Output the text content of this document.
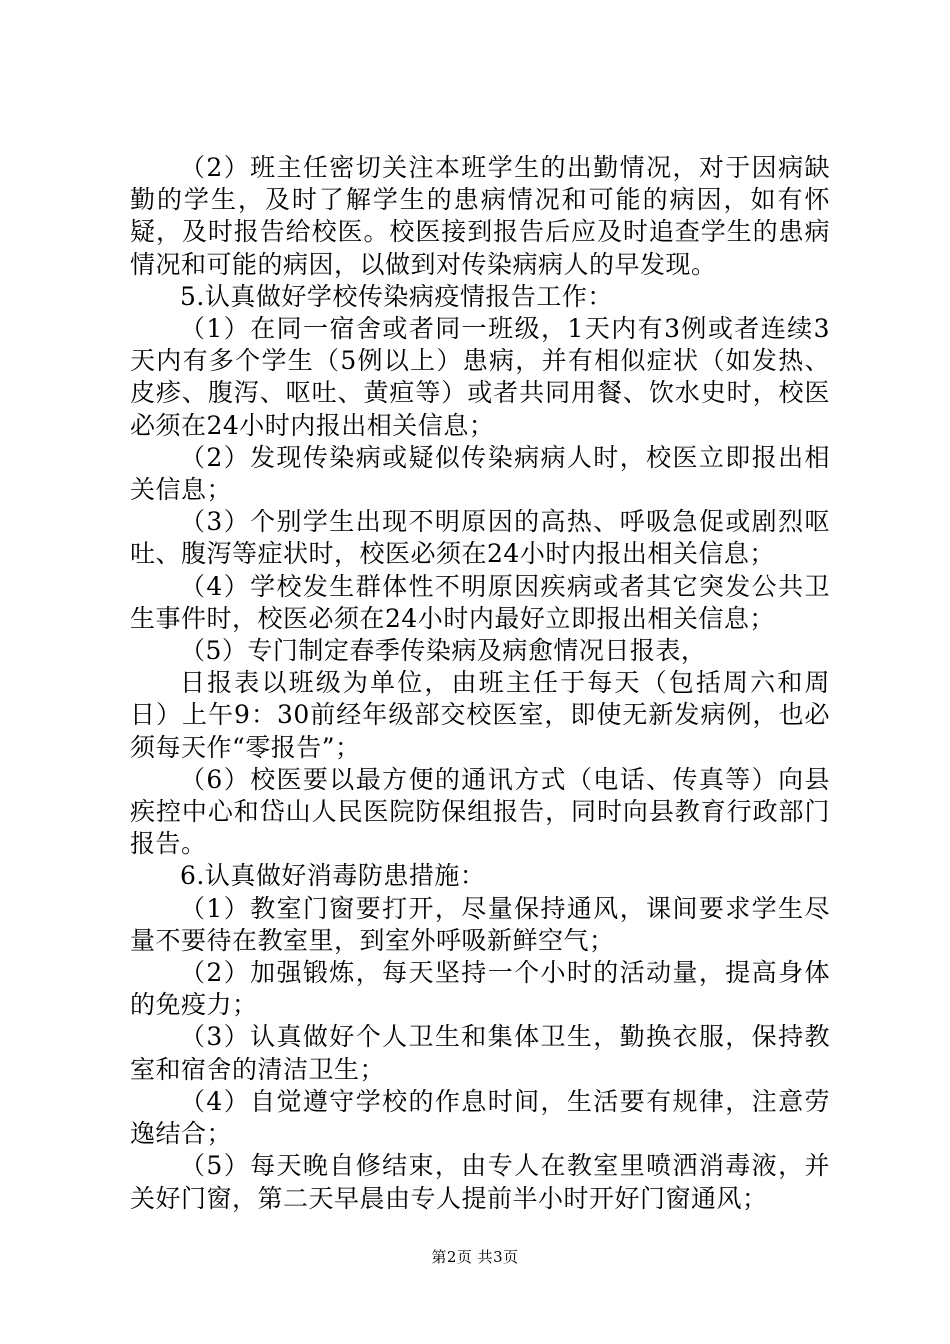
（2）班主任密切关注本班学生的出勤情况，对于因病缺勤的学生，及时了解学生的患病情况和可能的病因，如有怀疑，及时报告给校医。校医接到报告后应及时追查学生的患病情况和可能的病因，以做到对传染病病人的早发现。

5.认真做好学校传染病疫情报告工作：

（1）在同一宿舍或者同一班级，1天内有3例或者连续3天内有多个学生（5例以上）患病，并有相似症状（如发热、皮疹、腹泻、呕吐、黄疸等）或者共同用餐、饮水史时，校医必须在24小时内报出相关信息；

（2）发现传染病或疑似传染病病人时，校医立即报出相关信息；

（3）个别学生出现不明原因的高热、呼吸急促或剧烈呕吐、腹泻等症状时，校医必须在24小时内报出相关信息；

（4）学校发生群体性不明原因疾病或者其它突发公共卫生事件时，校医必须在24小时内最好立即报出相关信息；

（5）专门制定春季传染病及病愈情况日报表，

日报表以班级为单位，由班主任于每天（包括周六和周日）上午9：30前经年级部交校医室，即使无新发病例，也必须每天作“零报告”；

（6）校医要以最方便的通讯方式（电话、传真等）向县疾控中心和岱山人民医院防保组报告，同时向县教育行政部门报告。

6.认真做好消毒防患措施：

（1）教室门窗要打开，尽量保持通风，课间要求学生尽量不要待在教室里，到室外呼吸新鲜空气；

（2）加强锻炼，每天坚持一个小时的活动量，提高身体的免疫力；

（3）认真做好个人卫生和集体卫生，勤换衣服，保持教室和宿舍的清洁卫生；

（4）自觉遵守学校的作息时间，生活要有规律，注意劳逸结合；

（5）每天晚自修结束，由专人在教室里喷洒消毒液，并关好门窗，第二天早晨由专人提前半小时开好门窗通风；

第2页 共3页
